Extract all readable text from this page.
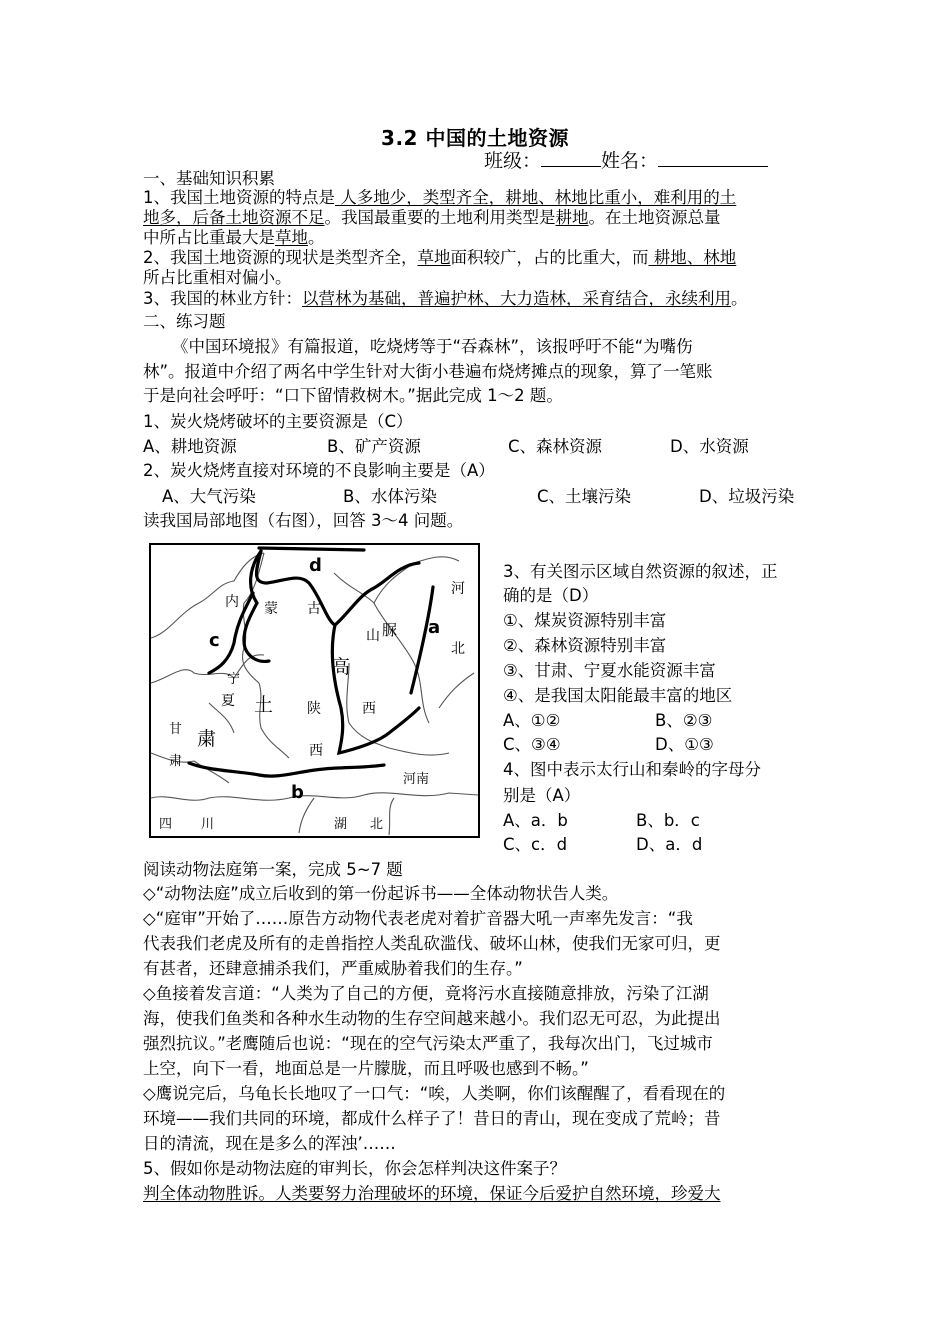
3.2 中国的土地资源
班级：	姓名：
一、基础知识积累
1、我国土地资源的特点是 人多地少，类型齐全，耕地、林地比重小，难利用的土
地多，后备土地资源不足。我国最重要的土地利用类型是耕地。在土地资源总量
中所占比重最大是草地。
2、我国土地资源的现状是类型齐全，草地面积较广，占的比重大，而 耕地、林地
所占比重相对偏小。
3、我国的林业方针：以营林为基础，普遍护林、大力造林，采育结合，永续利用。
二、练习题
《中国环境报》有篇报道，吃烧烤等于“吞森林”，该报呼吁不能“为嘴伤
林”。报道中介绍了两名中学生针对大街小巷遍布烧烤摊点的现象，算了一笔账
于是向社会呼吁：“口下留情救树木。”据此完成 1～2 题。
1、炭火烧烤破坏的主要资源是（C）
A、耕地资源	B、矿产资源	C、森林资源	D、水资源
2、炭火烧烤直接对环境的不良影响主要是（A）
A、大气污染	B、水体污染	C、土壤污染	D、垃圾污染
读我国局部地图（右图），回答 3～4 问题。
d
c
a
b
内 蒙 古
河
北
山 脲
宁
夏
高
土 陕
西
西
甘
肃
粛
河南
四 川	湖 北
3、有关图示区域自然资源的叙述，正
确的是（D）
①、煤炭资源特别丰富
②、森林资源特别丰富
③、甘肃、宁夏水能资源丰富
④、是我国太阳能最丰富的地区
A、①②	B、②③
C、③④	D、①③
4、图中表示太行山和秦岭的字母分
别是（A）
A、a．b	B、b．c
C、c．d	D、a．d
阅读动物法庭第一案，完成 5~7 题
◇“动物法庭”成立后收到的第一份起诉书——全体动物状告人类。
◇“庭审”开始了……原告方动物代表老虎对着扩音器大吼一声率先发言：“我
代表我们老虎及所有的走兽指控人类乱砍滥伐、破坏山林，使我们无家可归，更
有甚者，还肆意捕杀我们，严重威胁着我们的生存。”
◇鱼接着发言道：“人类为了自己的方便，竟将污水直接随意排放，污染了江湖
海，使我们鱼类和各种水生动物的生存空间越来越小。我们忍无可忍，为此提出
强烈抗议。”老鹰随后也说：“现在的空气污染太严重了，我每次出门，飞过城市
上空，向下一看，地面总是一片朦胧，而且呼吸也感到不畅。”
◇鹰说完后，乌龟长长地叹了一口气：“唉，人类啊，你们该醒醒了，看看现在的
环境——我们共同的环境，都成什么样子了！昔日的青山，现在变成了荒岭；昔
日的清流，现在是多么的浑浊’……
5、假如你是动物法庭的审判长，你会怎样判决这件案子？
判全体动物胜诉。人类要努力治理破坏的环境，保证今后爱护自然环境，珍爱大
